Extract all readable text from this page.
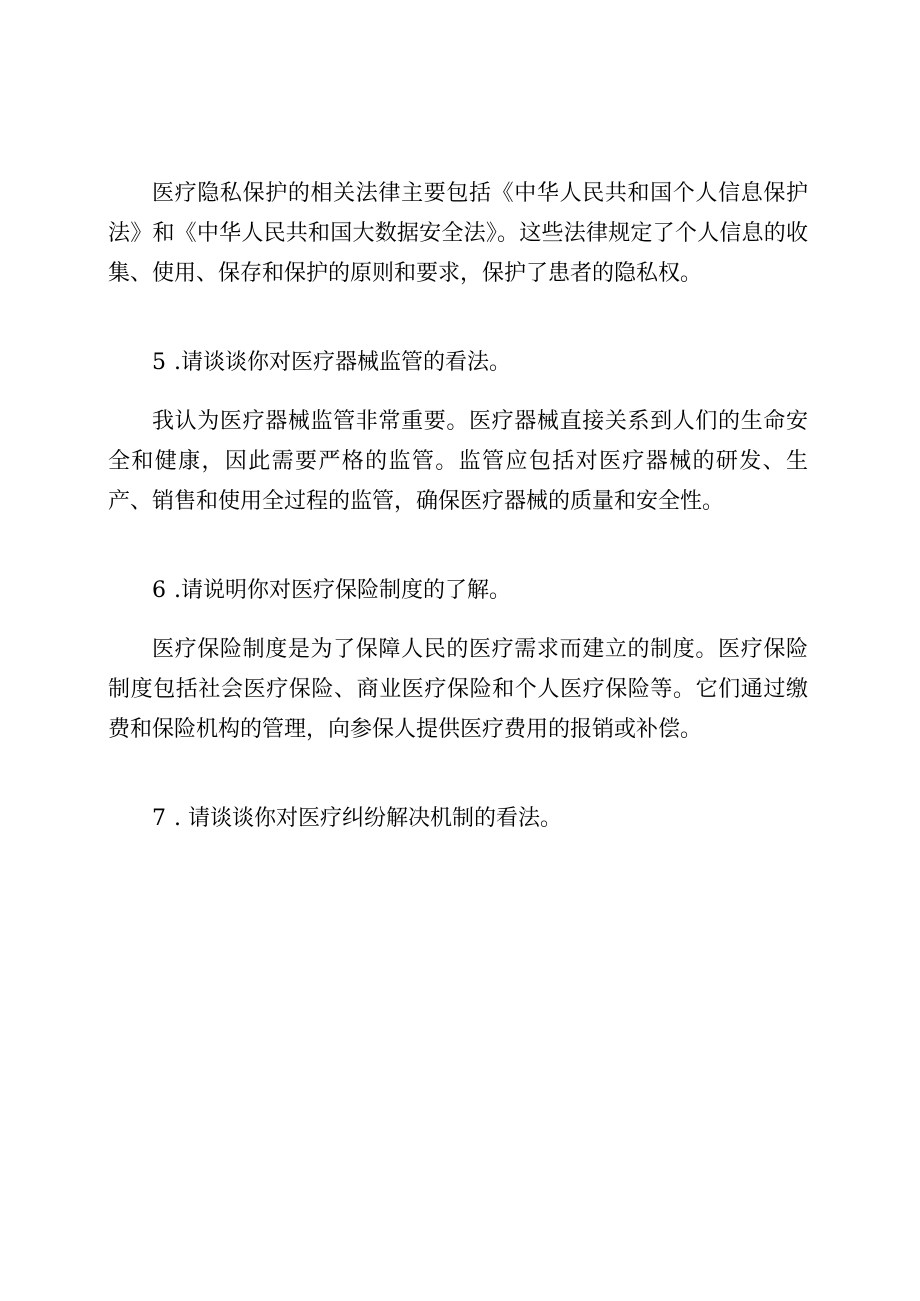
医疗隐私保护的相关法律主要包括《中华人民共和国个人信息保护法》和《中华人民共和国大数据安全法》。这些法律规定了个人信息的收集、使用、保存和保护的原则和要求，保护了患者的隐私权。

5 .请谈谈你对医疗器械监管的看法。

我认为医疗器械监管非常重要。医疗器械直接关系到人们的生命安全和健康，因此需要严格的监管。监管应包括对医疗器械的研发、生产、销售和使用全过程的监管，确保医疗器械的质量和安全性。

6 .请说明你对医疗保险制度的了解。

医疗保险制度是为了保障人民的医疗需求而建立的制度。医疗保险制度包括社会医疗保险、商业医疗保险和个人医疗保险等。它们通过缴费和保险机构的管理，向参保人提供医疗费用的报销或补偿。

7 . 请谈谈你对医疗纠纷解决机制的看法。
